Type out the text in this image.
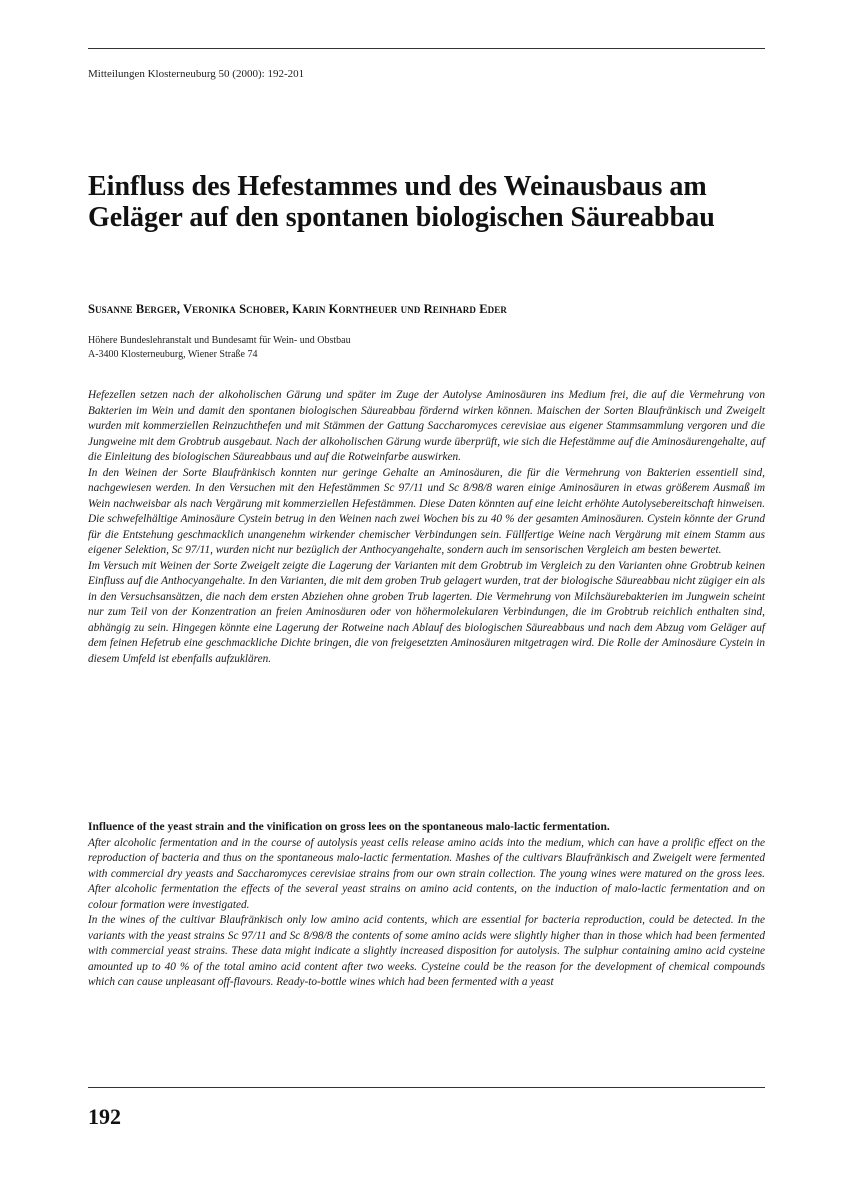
Mitteilungen Klosterneuburg 50 (2000): 192-201
Einfluss des Hefestammes und des Weinausbaus am
Geläger auf den spontanen biologischen Säureabbau
Susanne Berger, Veronika Schober, Karin Korntheuer und Reinhard Eder
Höhere Bundeslehranstalt und Bundesamt für Wein- und Obstbau
A-3400 Klosterneuburg, Wiener Straße 74

Hefezellen setzen nach der alkoholischen Gärung und später im Zuge der Autolyse Aminosäuren ins Medium frei, die auf die Vermehrung von Bakterien im Wein und damit den spontanen biologischen Säureabbau fördernd wirken können. Maischen der Sorten Blaufränkisch und Zweigelt wurden mit kommerziellen Reinzuchthefen und mit Stämmen der Gattung Saccharomyces cerevisiae aus eigener Stammsammlung vergoren und die Jungweine mit dem Grobtrub ausgebaut. Nach der alkoholischen Gärung wurde überprüft, wie sich die Hefestämme auf die Aminosäurengehalte, auf die Einleitung des biologischen Säureabbaus und auf die Rotweinfarbe auswirken.

In den Weinen der Sorte Blaufränkisch konnten nur geringe Gehalte an Aminosäuren, die für die Vermehrung von Bakterien essentiell sind, nachgewiesen werden. In den Versuchen mit den Hefestämmen Sc 97/11 und Sc 8/98/8 waren einige Aminosäuren in etwas größerem Ausmaß im Wein nachweisbar als nach Vergärung mit kommerziellen Hefestämmen. Diese Daten könnten auf eine leicht erhöhte Autolysebereitschaft hinweisen. Die schwefelhältige Aminosäure Cystein betrug in den Weinen nach zwei Wochen bis zu 40 % der gesamten Aminosäuren. Cystein könnte der Grund für die Entstehung geschmacklich unangenehm wirkender chemischer Verbindungen sein. Füllfertige Weine nach Vergärung mit einem Stamm aus eigener Selektion, Sc 97/11, wurden nicht nur bezüglich der Anthocyangehalte, sondern auch im sensorischen Vergleich am besten bewertet.

Im Versuch mit Weinen der Sorte Zweigelt zeigte die Lagerung der Varianten mit dem Grobtrub im Vergleich zu den Varianten ohne Grobtrub keinen Einfluss auf die Anthocyangehalte. In den Varianten, die mit dem groben Trub gelagert wurden, trat der biologische Säureabbau nicht zügiger ein als in den Versuchsansätzen, die nach dem ersten Abziehen ohne groben Trub lagerten. Die Vermehrung von Milchsäurebakterien im Jungwein scheint nur zum Teil von der Konzentration an freien Aminosäuren oder von höhermolekularen Verbindungen, die im Grobtrub reichlich enthalten sind, abhängig zu sein. Hingegen könnte eine Lagerung der Rotweine nach Ablauf des biologischen Säureabbaus und nach dem Abzug vom Geläger auf dem feinen Hefetrub eine geschmackliche Dichte bringen, die von freigesetzten Aminosäuren mitgetragen wird. Die Rolle der Aminosäure Cystein in diesem Umfeld ist ebenfalls aufzuklären.

Influence of the yeast strain and the vinification on gross lees on the spontaneous malo-lactic fermentation.

After alcoholic fermentation and in the course of autolysis yeast cells release amino acids into the medium, which can have a prolific effect on the reproduction of bacteria and thus on the spontaneous malo-lactic fermentation. Mashes of the cultivars Blaufränkisch and Zweigelt were fermented with commercial dry yeasts and Saccharomyces cerevisiae strains from our own strain collection. The young wines were matured on the gross lees. After alcoholic fermentation the effects of the several yeast strains on amino acid contents, on the induction of malo-lactic fermentation and on colour formation were investigated.

In the wines of the cultivar Blaufränkisch only low amino acid contents, which are essential for bacteria reproduction, could be detected. In the variants with the yeast strains Sc 97/11 and Sc 8/98/8 the contents of some amino acids were slightly higher than in those which had been fermented with commercial yeast strains. These data might indicate a slightly increased disposition for autolysis. The sulphur containing amino acid cysteine amounted up to 40 % of the total amino acid content after two weeks. Cysteine could be the reason for the development of chemical compounds which can cause unpleasant off-flavours. Ready-to-bottle wines which had been fermented with a yeast

192
